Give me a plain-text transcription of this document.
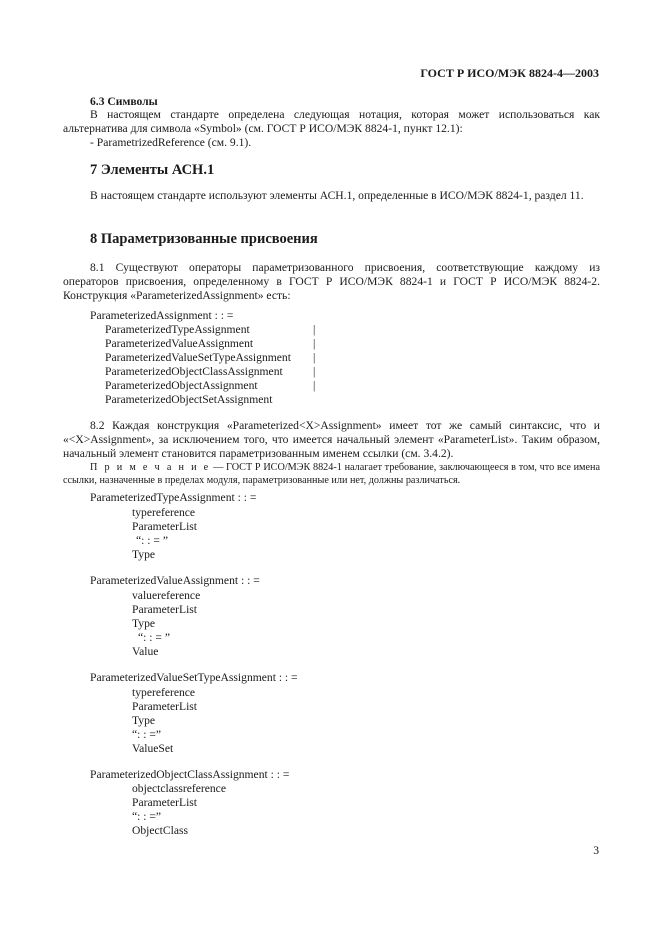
ГОСТ Р ИСО/МЭК 8824-4—2003
6.3 Символы
В настоящем стандарте определена следующая нотация, которая может использоваться как альтернатива для символа «Symbol» (см. ГОСТ Р ИСО/МЭК 8824-1, пункт 12.1):
- ParametrizedReference (см. 9.1).
7 Элементы АСН.1
В настоящем стандарте используют элементы АСН.1, определенные в ИСО/МЭК 8824-1, раздел 11.
8 Параметризованные присвоения
8.1 Существуют операторы параметризованного присвоения, соответствующие каждому из операторов присвоения, определенному в ГОСТ Р ИСО/МЭК 8824-1 и ГОСТ Р ИСО/МЭК 8824-2. Конструкция «ParameterizedAssignment» есть:
ParameterizedAssignment : : =
ParameterizedTypeAssignment	|
ParameterizedValueAssignment	|
ParameterizedValueSetTypeAssignment |
ParameterizedObjectClassAssignment	|
ParameterizedObjectAssignment	|
ParameterizedObjectSetAssignment
8.2 Каждая конструкция «Parameterized<X>Assignment» имеет тот же самый синтаксис, что и «<X>Assignment», за исключением того, что имеется начальный элемент «ParameterList». Таким образом, начальный элемент становится параметризованным именем ссылки (см. 3.4.2).
П р и м е ч а н и е — ГОСТ Р ИСО/МЭК 8824-1 налагает требование, заключающееся в том, что все имена ссылки, назначенные в пределах модуля, параметризованные или нет, должны различаться.
ParameterizedTypeAssignment : : =
typereference
ParameterList
“: : = ”
Type
ParameterizedValueAssignment : : =
valuereference
ParameterList
Type
“: : = ”
Value
ParameterizedValueSetTypeAssignment : : =
typereference
ParameterList
Type
“: : =”
ValueSet
ParameterizedObjectClassAssignment : : =
objectclassreference
ParameterList
“: : =”
ObjectClass
3
